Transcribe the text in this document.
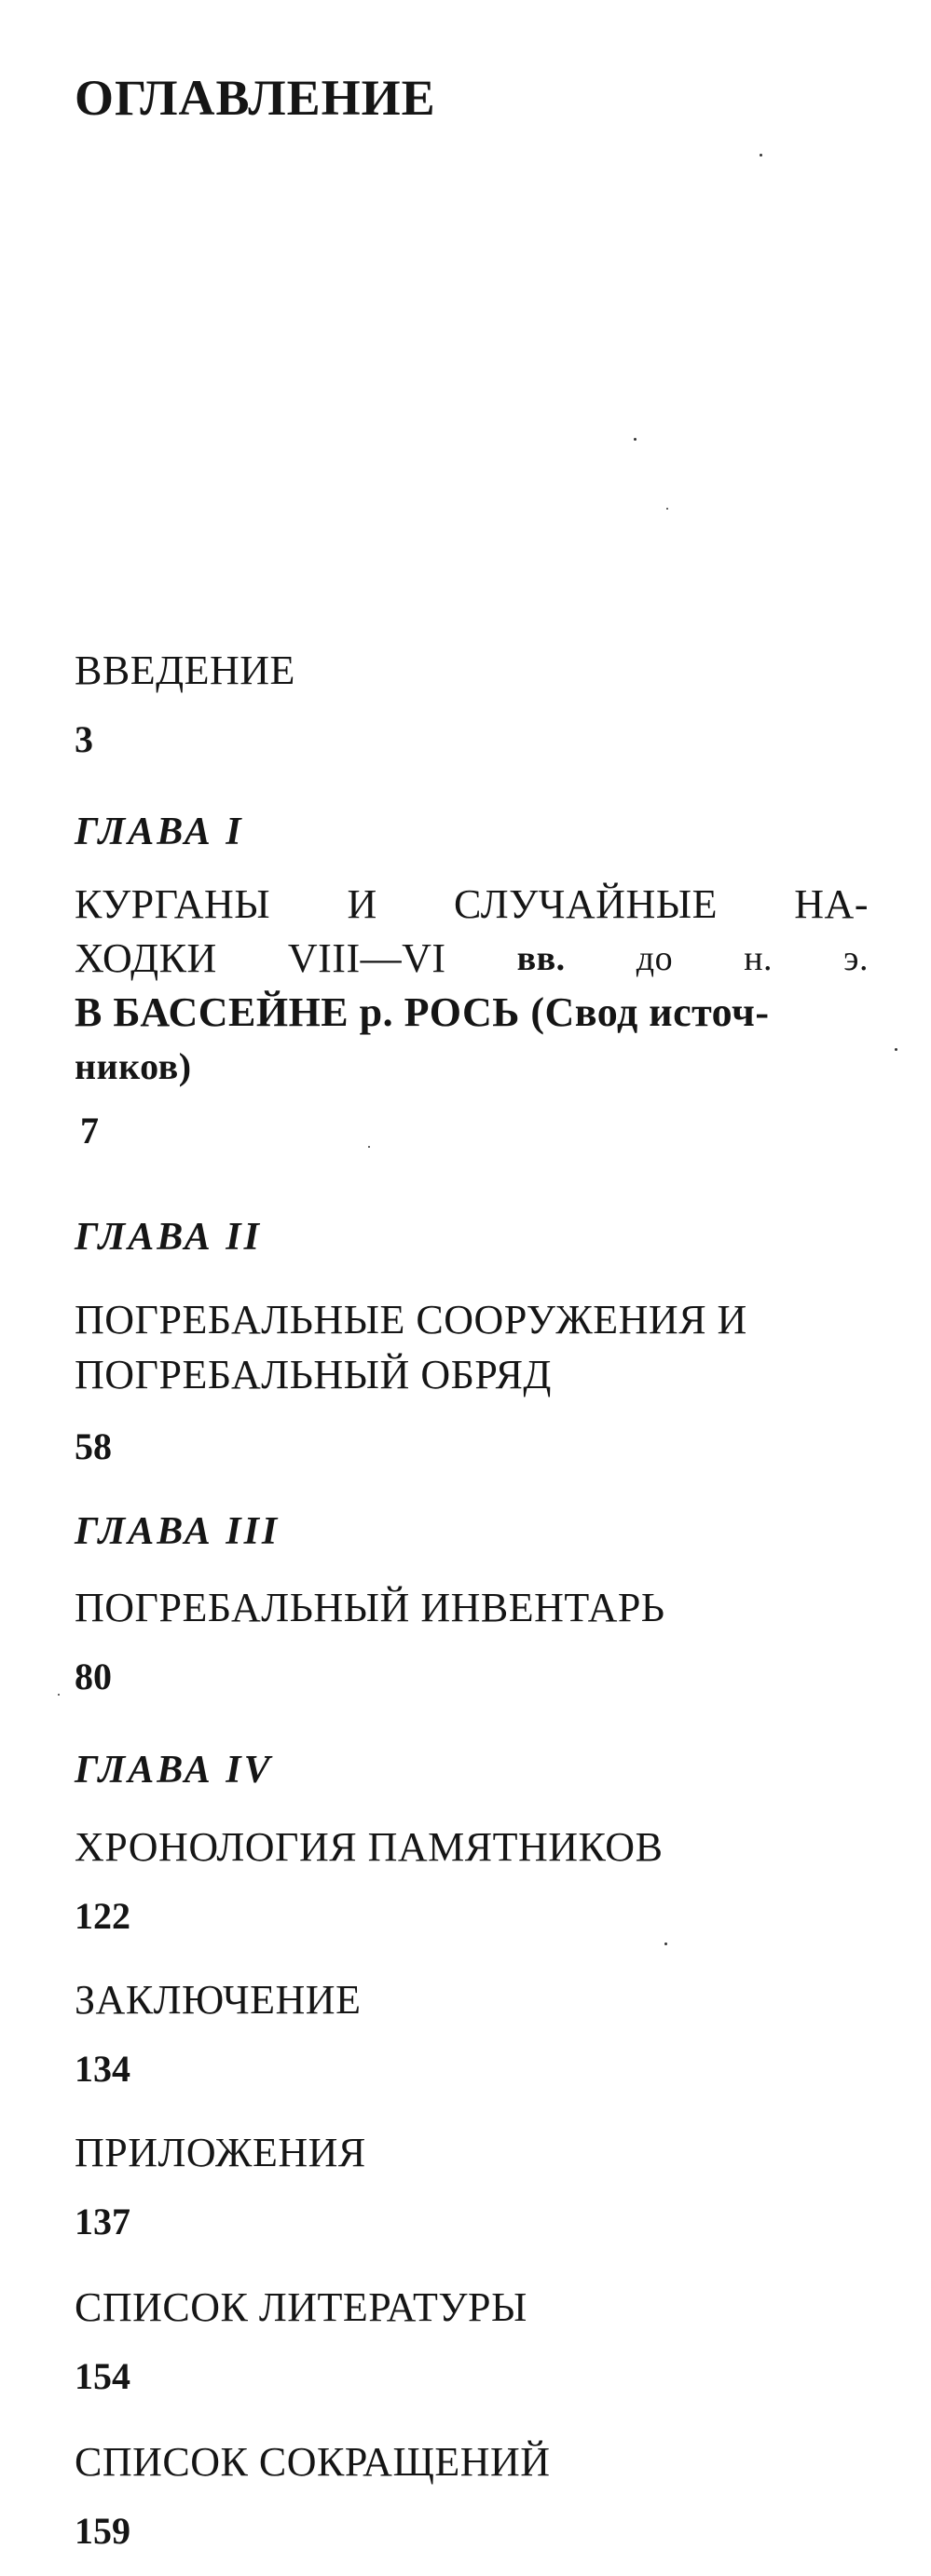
ОГЛАВЛЕНИЕ
ВВЕДЕНИЕ
3
ГЛАВА I
КУРГАНЫ И СЛУЧАЙНЫЕ НА-
ХОДКИ VIII—VI вв. до н. э.
В БАССЕЙНЕ р. РОСЬ (Свод источ-
ников)
7
ГЛАВА II
ПОГРЕБАЛЬНЫЕ СООРУЖЕНИЯ И
ПОГРЕБАЛЬНЫЙ ОБРЯД
58
ГЛАВА III
ПОГРЕБАЛЬНЫЙ ИНВЕНТАРЬ
80
ГЛАВА IV
ХРОНОЛОГИЯ ПАМЯТНИКОВ
122
ЗАКЛЮЧЕНИЕ
134
ПРИЛОЖЕНИЯ
137
СПИСОК ЛИТЕРАТУРЫ
154
СПИСОК СОКРАЩЕНИЙ
159
